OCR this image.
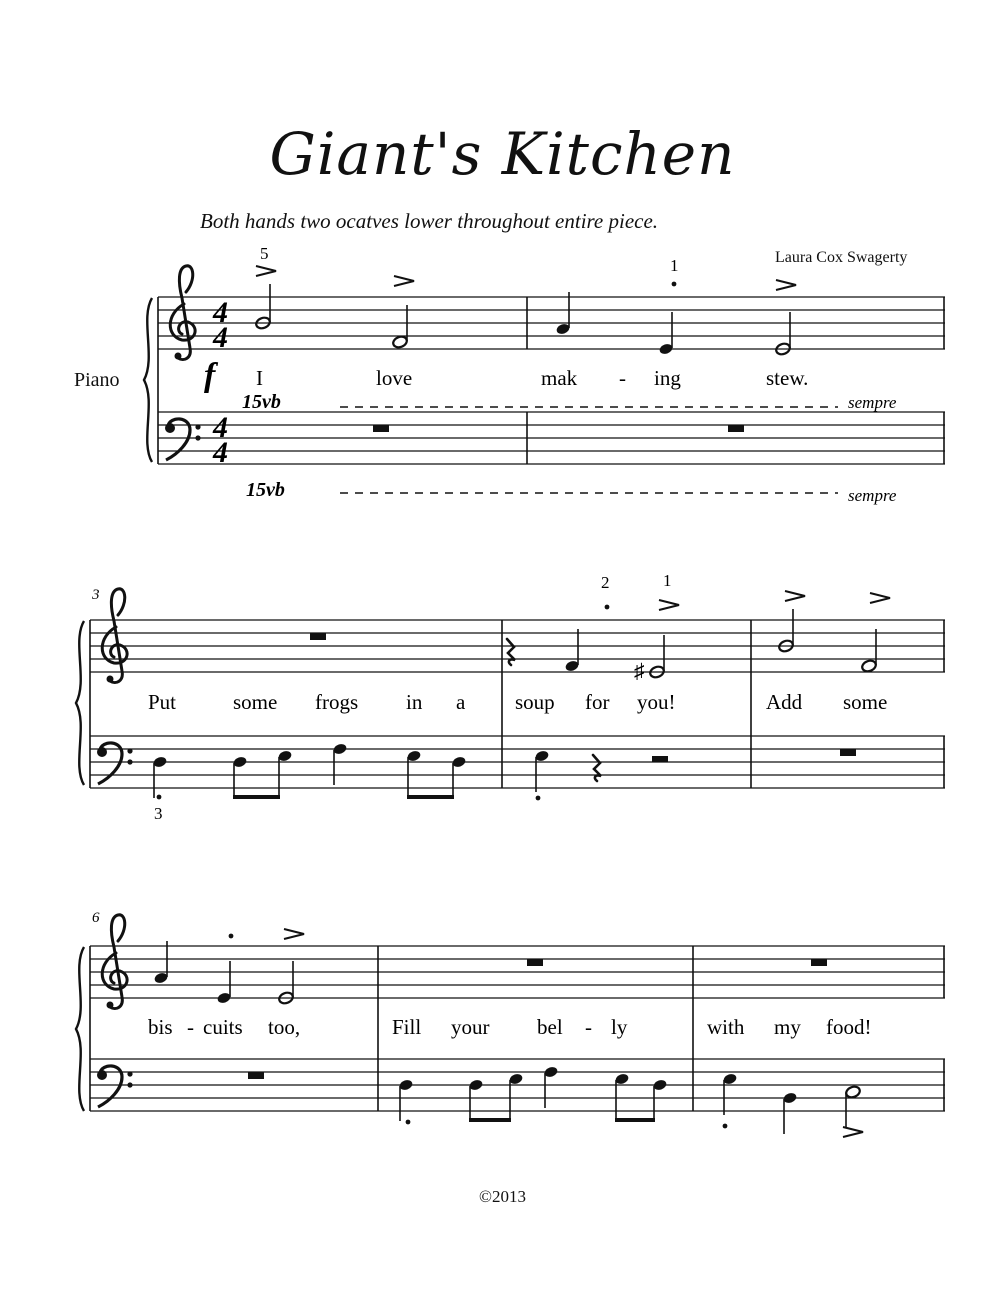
Giant's Kitchen
Both hands two ocatves lower throughout entire piece.
Laura Cox Swagerty
Piano
©2013
4
4
4
4
5
1
f
15vb	sempre
15vb	sempre
I	love	mak - ing	stew.
3
2
♯
1
3
Put	some frogs in a soup for you!	Add some
6
bis - cuits too,	Fill your bel - ly	with my food!
